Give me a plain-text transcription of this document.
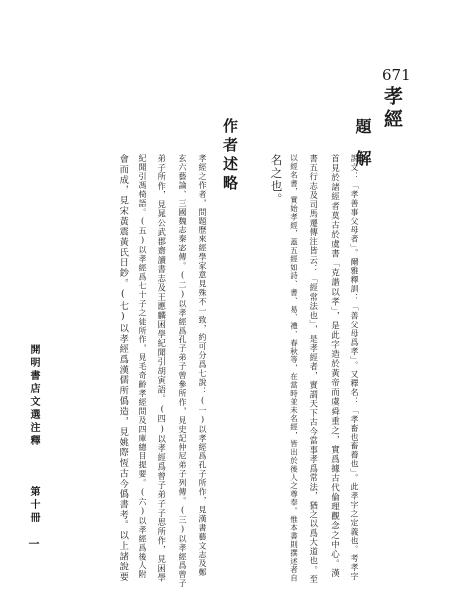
671
孝經
題解
作者述略	說文：「孝善事父母者」。爾雅釋訓：「善父母爲孝」。又釋名：「孝畜也畜養也」。此孝字之定義也。考孝字
首見於諸經者莫古於虞書「克諧以孝」，是此字造於黃帝而虞舜重之，實爲據古代倫理觀念之中心。漢
書五行志及司馬遷傳注皆云：「經常法也」，是孝經者，實謂天下古今當事孝爲常法，猶之以爲大道也。至
以經名書，實始孝經，蓋五經如詩、書、易、禮、春秋等，在當時並未名經，皆出於後人之尊奉。惟本書則撰述者自
名之也。
孝經之作者，問題歷來經學家意見殊不一致，約可分爲七說：(一)以孝經爲孔子所作，見漢書藝文志及鄭
玄六藝論、三國魏志秦宓傳。(二)以孝經爲孔子弟子曾參所作，見史記仲尼弟子列傳。(三)以孝經爲曾子
弟子所作，見晁公武郡齋讀書志及王應麟困學紀聞引胡寅語。(四)以孝經爲曾子弟子子思所作，見困學
紀聞引馮椅語。(五)以孝經爲七十子之徒所作，見毛奇齡孝經問及四庫總目提要。(六)以孝經爲後人附
會而成，見宋黃震黃氏日鈔。(七)以孝經爲漢儒所僞造，見姚際恆古今僞書考。以上諸說要
開明書店文選注釋
第十冊
一
